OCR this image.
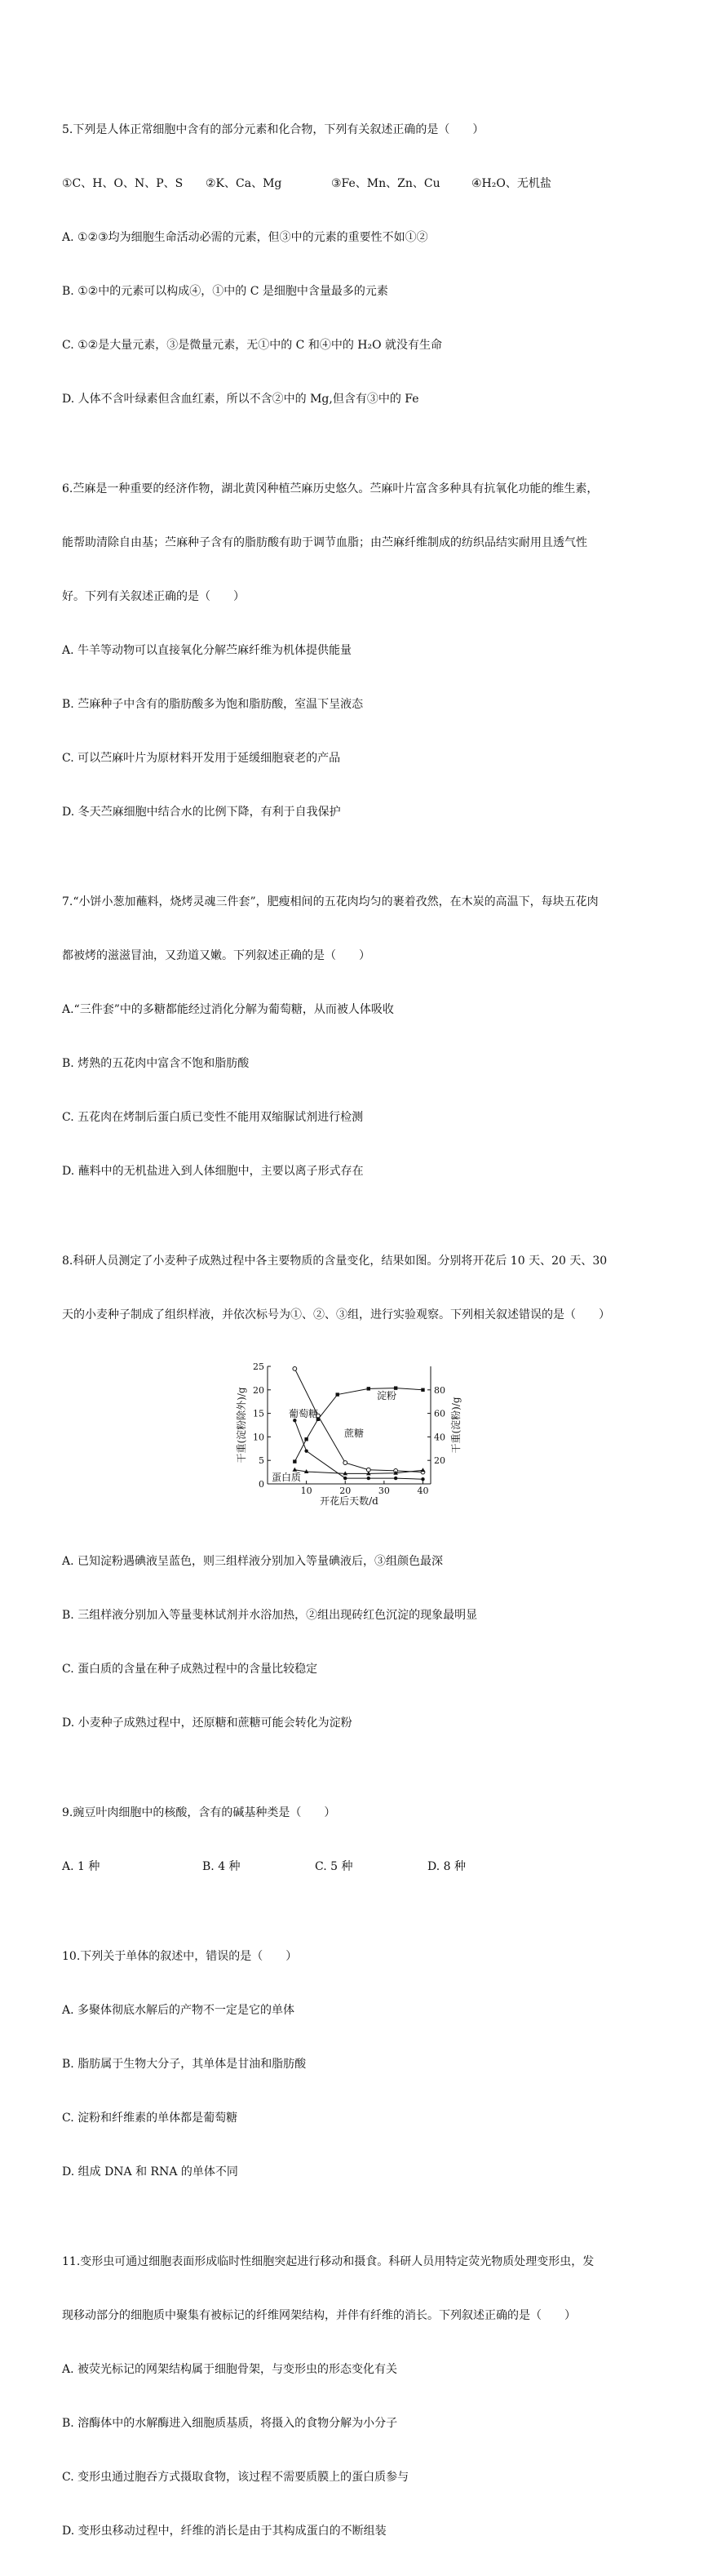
5.下列是人体正常细胞中含有的部分元素和化合物，下列有关叙述正确的是（　　）

①C、H、O、N、P、S	②K、Ca、Mg	③Fe、Mn、Zn、Cu	④H₂O、无机盐

A. ①②③均为细胞生命活动必需的元素，但③中的元素的重要性不如①②

B. ①②中的元素可以构成④，①中的 C 是细胞中含量最多的元素

C. ①②是大量元素，③是微量元素，无①中的 C 和④中的 H₂O 就没有生命

D. 人体不含叶绿素但含血红素，所以不含②中的 Mg,但含有③中的 Fe

6.苎麻是一种重要的经济作物，湖北黄冈种植苎麻历史悠久。苎麻叶片富含多种具有抗氧化功能的维生素，

能帮助清除自由基；苎麻种子含有的脂肪酸有助于调节血脂；由苎麻纤维制成的纺织品结实耐用且透气性

好。下列有关叙述正确的是（　　）

A. 牛羊等动物可以直接氧化分解苎麻纤维为机体提供能量

B. 苎麻种子中含有的脂肪酸多为饱和脂肪酸，室温下呈液态

C. 可以苎麻叶片为原材料开发用于延缓细胞衰老的产品

D. 冬天苎麻细胞中结合水的比例下降，有利于自我保护

7.“小饼小葱加蘸料，烧烤灵魂三件套”，肥瘦相间的五花肉均匀的裹着孜然，在木炭的高温下，每块五花肉

都被烤的滋滋冒油，又劲道又嫩。下列叙述正确的是（　　）

A.“三件套”中的多糖都能经过消化分解为葡萄糖，从而被人体吸收

B. 烤熟的五花肉中富含不饱和脂肪酸

C. 五花肉在烤制后蛋白质已变性不能用双缩脲试剂进行检测

D. 蘸料中的无机盐进入到人体细胞中，主要以离子形式存在

8.科研人员测定了小麦种子成熟过程中各主要物质的含量变化，结果如图。分别将开花后 10 天、20 天、30

天的小麦种子制成了组织样液，并依次标号为①、②、③组，进行实验观察。下列相关叙述错误的是（　　）

0
5
10
15
20
25
20
40
60
80
10	20	30	40
开花后天数/d
干重(淀粉除外)/g	干重(淀粉)/g
淀粉
蔗糖
葡萄糖
蛋白质

A. 已知淀粉遇碘液呈蓝色，则三组样液分别加入等量碘液后，③组颜色最深

B. 三组样液分别加入等量斐林试剂并水浴加热，②组出现砖红色沉淀的现象最明显

C. 蛋白质的含量在种子成熟过程中的含量比较稳定

D. 小麦种子成熟过程中，还原糖和蔗糖可能会转化为淀粉

9.豌豆叶肉细胞中的核酸，含有的碱基种类是（　　）

A. 1 种	B. 4 种	C. 5 种	D. 8 种

10.下列关于单体的叙述中，错误的是（　　）

A. 多聚体彻底水解后的产物不一定是它的单体

B. 脂肪属于生物大分子，其单体是甘油和脂肪酸

C. 淀粉和纤维素的单体都是葡萄糖

D. 组成 DNA 和 RNA 的单体不同

11.变形虫可通过细胞表面形成临时性细胞突起进行移动和摄食。科研人员用特定荧光物质处理变形虫，发

现移动部分的细胞质中聚集有被标记的纤维网架结构，并伴有纤维的消长。下列叙述正确的是（　　）

A. 被荧光标记的网架结构属于细胞骨架，与变形虫的形态变化有关

B. 溶酶体中的水解酶进入细胞质基质，将摄入的食物分解为小分子

C. 变形虫通过胞吞方式摄取食物，该过程不需要质膜上的蛋白质参与

D. 变形虫移动过程中，纤维的消长是由于其构成蛋白的不断组装
